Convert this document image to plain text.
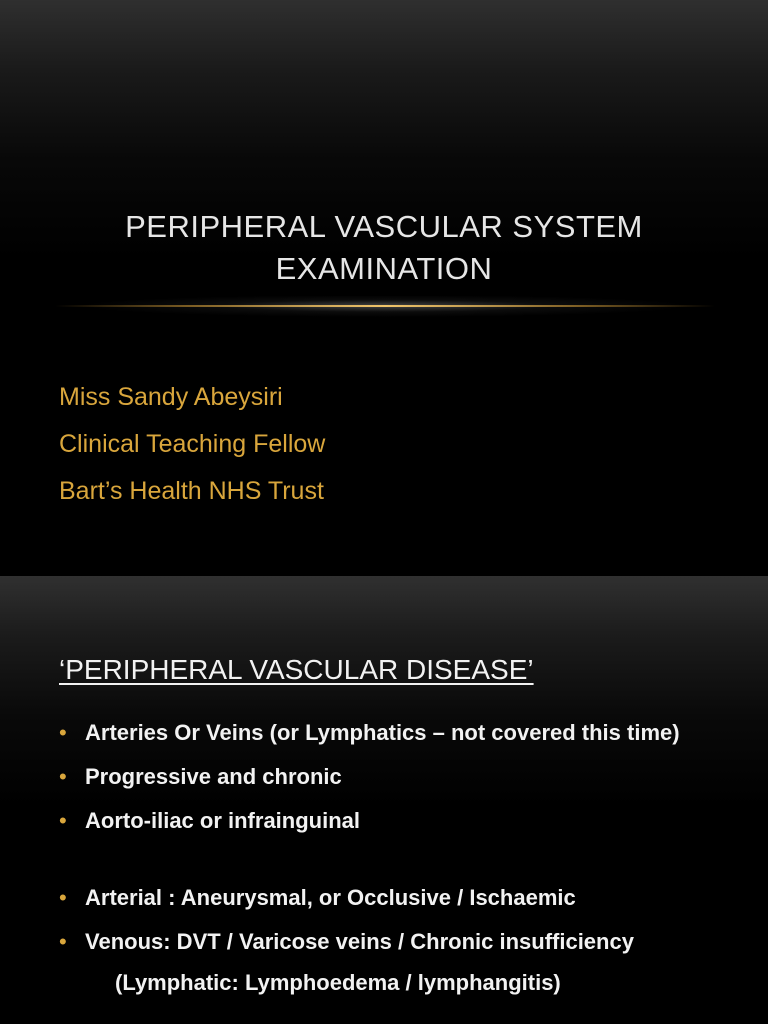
PERIPHERAL VASCULAR SYSTEM
EXAMINATION
Miss Sandy Abeysiri
Clinical Teaching Fellow
Bart’s Health NHS Trust
‘PERIPHERAL VASCULAR DISEASE’
• Arteries Or Veins (or Lymphatics – not covered this time)
• Progressive and chronic
• Aorto-iliac or infrainguinal
• Arterial : Aneurysmal, or Occlusive / Ischaemic
• Venous: DVT / Varicose veins / Chronic insufficiency
(Lymphatic: Lymphoedema / lymphangitis)
